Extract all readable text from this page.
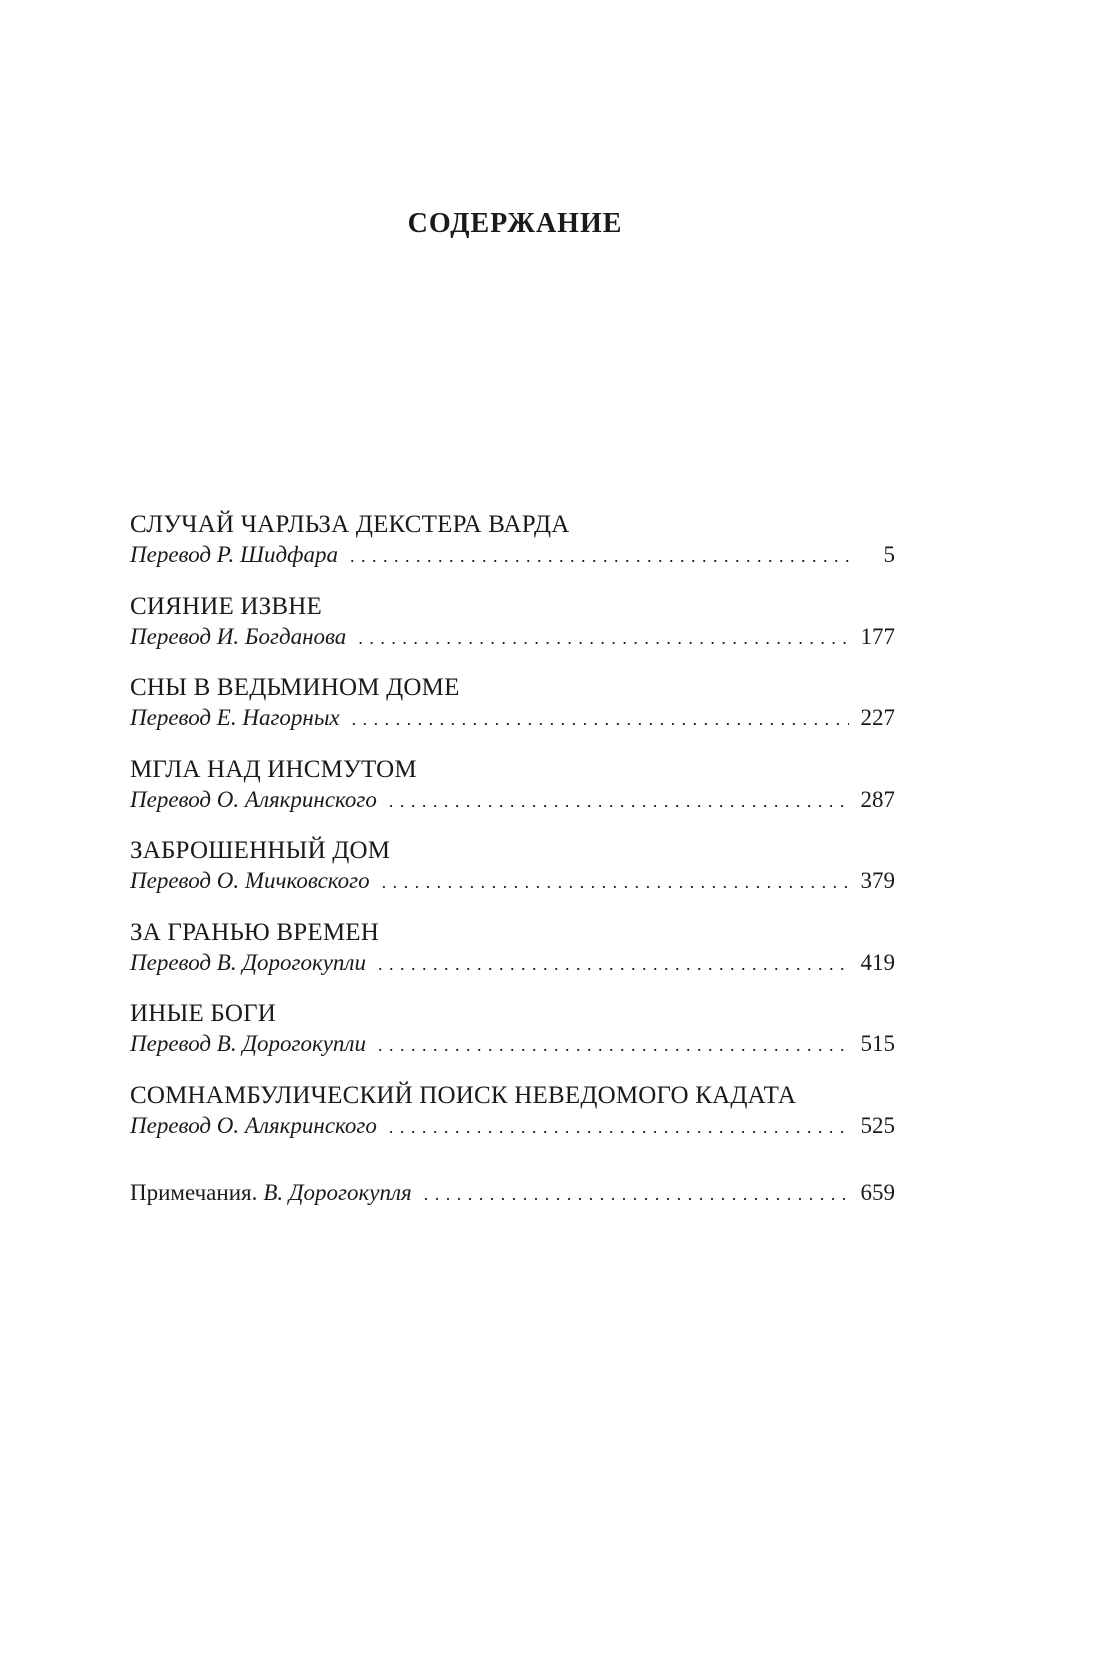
СОДЕРЖАНИЕ
СЛУЧАЙ ЧАРЛЬЗА ДЕКСТЕРА ВАРДА
Перевод Р. Шидфара . . .	5
СИЯНИЕ ИЗВНЕ
Перевод И. Богданова . . .	177
СНЫ В ВЕДЬМИНОМ ДОМЕ
Перевод Е. Нагорных . . .	227
МГЛА НАД ИНСМУТОМ
Перевод О. Алякринского . . .	287
ЗАБРОШЕННЫЙ ДОМ
Перевод О. Мичковского . . .	379
ЗА ГРАНЬЮ ВРЕМЕН
Перевод В. Дорогокупли . . .	419
ИНЫЕ БОГИ
Перевод В. Дорогокупли . . .	515
СОМНАМБУЛИЧЕСКИЙ ПОИСК НЕВЕДОМОГО КАДАТА
Перевод О. Алякринского . . .	525
Примечания. В. Дорогокупля . . .	659
